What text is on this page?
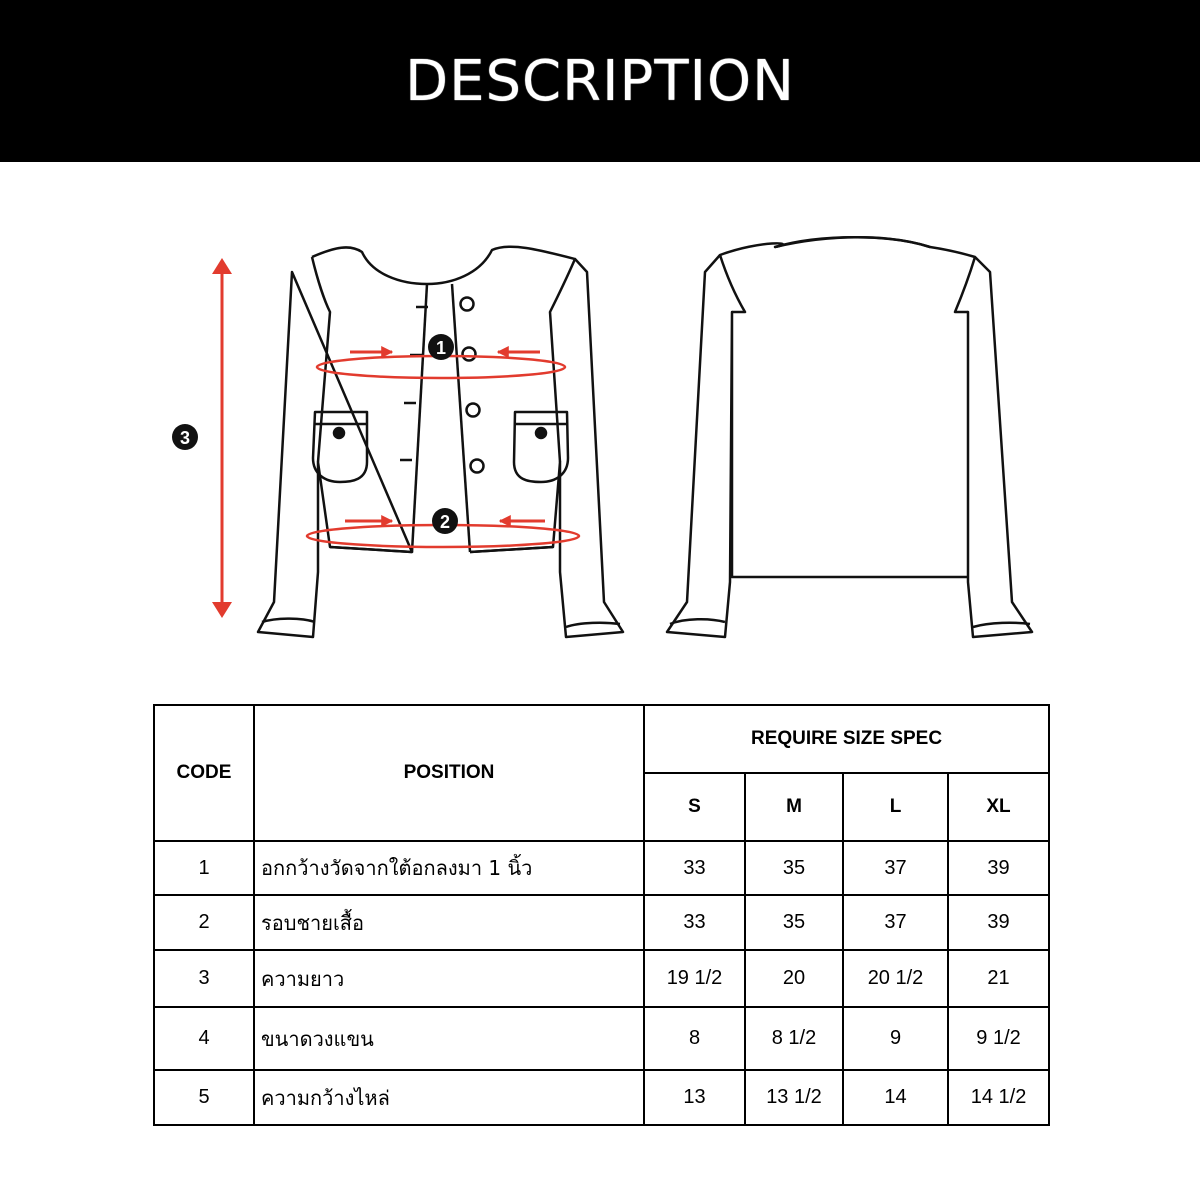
DESCRIPTION
1
2
3
CODE	POSITION	REQUIRE SIZE SPEC			
		S	M	L	XL
1	อกกว้างวัดจากใต้อกลงมา 1 นิ้ว	33	35	37	39
2	รอบชายเสื้อ	33	35	37	39
3	ความยาว	19 1/2	20	20 1/2	21
4	ขนาดวงแขน	8	8 1/2	9	9 1/2
5	ความกว้างไหล่	13	13 1/2	14	14 1/2
